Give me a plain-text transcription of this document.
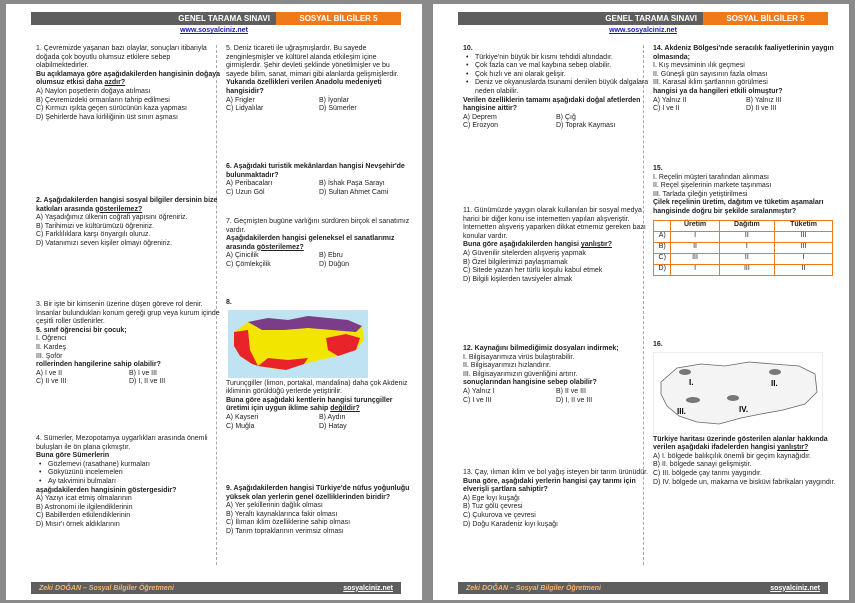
GENEL TARAMA SINAVI	SOSYAL BİLGİLER 5
www.sosyalciniz.net
1. Çevremizde yaşanan bazı olaylar, sonuçları itibariyla doğada çok boyutlu olumsuz etkilere sebep olabilmektedirler.
Bu açıklamaya göre aşağıdakilerden hangisinin doğaya olumsuz etkisi daha azdır?
A) Naylon poşetlerin doğaya atılması
B) Çevremizdeki ormanların tahrip edilmesi
C) Kırmızı ışıkta geçen sürücünün kaza yapması
D) Şehirlerde hava kirliliğinin üst sınırı aşması
2. Aşağıdakilerden hangisi sosyal bilgiler dersinin bize katkıları arasında gösterilemez?
A) Yaşadığımız ülkenin coğrafi yapısını öğreniriz.
B) Tarihimizi ve kültürümüzü öğreniriz.
C) Farklılıklara karşı önyargılı oluruz.
D) Vatanımızı seven kişiler olmayı öğreniriz.
3. Bir işte bir kimsenin üzerine düşen göreve rol denir. İnsanlar bulundukları konum gereği grup veya kurum içinde çeşitli roller üstlenirler.
5. sınıf öğrencisi bir çocuk;
I. Öğrenci
II. Kardeş
III. Şoför
rollerinden hangilerine sahip olabilir?
A) I ve II	B) I ve III
C) II ve III	D) I, II ve III
4. Sümerler, Mezopotamya uygarlıkları arasında önemli buluşları ile ön plana çıkmıştır.
Buna göre Sümerlerin
• Gözlemevi (rasathane) kurmaları
• Gökyüzünü incelemeleri
• Ay takvimini bulmaları
aşağıdakilerden hangisinin göstergesidir?
A) Yazıyı icat etmiş olmalarının
B) Astronomi ile ilgilendiklerinin
C) Babillerden etkilendiklerinin
D) Mısır'ı örnek aldıklarının
5. Deniz ticareti ile uğraşmışlardır. Bu sayede zenginleşmişler ve kültürel alanda etkileşim içine girmişlerdir. Şehir devleti şeklinde yönetilmişler ve bu sayede bilim, sanat, mimari gibi alanlarda gelişmişlerdir.
Yukarıda özellikleri verilen Anadolu medeniyeti hangisidir?
A) Frigler	B) İyonlar
C) Lidyalılar	D) Sümerler
6. Aşağıdaki turistik mekânlardan hangisi Nevşehir'de bulunmaktadır?
A) Peribacaları	B) İshak Paşa Sarayı
C) Uzun Göl	D) Sultan Ahmet Cami
7. Geçmişten bugüne varlığını sürdüren birçok el sanatımız vardır.
Aşağıdakilerden hangisi geleneksel el sanatlarımız arasında gösterilemez?
A) Çinicilik	B) Ebru
C) Çömlekçilik	D) Düğün
8.
Turunçgiller (limon, portakal, mandalina) daha çok Akdeniz ikliminin görüldüğü yerlerde yetiştirilir.
Buna göre aşağıdaki kentlerin hangisi turunçgiller üretimi için uygun iklime sahip değildir?
A) Kayseri	B) Aydın
C) Muğla	D) Hatay
9. Aşağıdakilerden hangisi Türkiye'de nüfus yoğunluğu yüksek olan yerlerin genel özelliklerinden biridir?
A) Yer şekillerinin dağlık olması
B) Yeraltı kaynaklarınca fakir olması
C) İlıman iklim özelliklerine sahip olması
D) Tarım topraklarının verimsiz olması
Zeki DOĞAN – Sosyal Bilgiler Öğretmeni	sosyalciniz.net
GENEL TARAMA SINAVI	SOSYAL BİLGİLER 5
www.sosyalciniz.net
10.
• Türkiye'nin büyük bir kısmı tehdidi altındadır.
• Çok fazla can ve mal kaybına sebep olabilir.
• Çok hızlı ve ani olarak gelişir.
• Deniz ve okyanuslarda tsunami denilen büyük dalgalara neden olabilir.
Verilen özelliklerin tamamı aşağıdaki doğal afetlerden hangisine aittir?
A) Deprem	B) Çığ
C) Erozyon	D) Toprak Kayması
11. Günümüzde yaygın olarak kullanılan bir sosyal medya harici bir diğer konu ise internetten yapılan alışveriştir. İnternetten alışveriş yaparken dikkat etmemiz gereken bazı konular vardır.
Buna göre aşağıdakilerden hangisi yanlıştır?
A) Güvenilir sitelerden alışveriş yapmak
B) Özel bilgilerimizi paylaşmamak
C) Sitede yazan her türlü koşulu kabul etmek
D) Bilgili kişilerden tavsiyeler almak
12. Kaynağını bilmediğimiz dosyaları indirmek;
I. Bilgisayarımıza virüs bulaştırabilir.
II. Bilgisayarımızı hızlandırır.
III. Bilgisayarımızın güvenliğini artırır.
sonuçlarından hangisine sebep olabilir?
A) Yalnız I	B) II ve III
C) I ve III	D) I, II ve III
13. Çay, ılıman iklim ve bol yağış isteyen bir tarım ürünüdür.
Buna göre, aşağıdaki yerlerin hangisi çay tarımı için elverişli şartlara sahiptir?
A) Ege kıyı kuşağı
B) Tuz gölü çevresi
C) Çukurova ve çevresi
D) Doğu Karadeniz kıyı kuşağı
14. Akdeniz Bölgesi'nde seracılık faaliyetlerinin yaygın olmasında;
I. Kış mevsiminin ılık geçmesi
II. Güneşli gün sayısının fazla olması
III. Karasal iklim şartlarının görülmesi
hangisi ya da hangileri etkili olmuştur?
A) Yalnız II	B) Yalnız III
C) I ve II	D) II ve III
15.
I. Reçelin müşteri tarafından alınması
II. Reçel şişelerinin markete taşınması
III. Tarlada çileğin yetiştirilmesi
Çilek reçelinin üretim, dağıtım ve tüketim aşamaları hangisinde doğru bir şekilde sıralanmıştır?
	Üretim	Dağıtım	Tüketim
A)	I	II	III
B)	II	I	III
C)	III	II	I
D)	I	III	II
16.
I.	II.
III.	IV.
Türkiye haritası üzerinde gösterilen alanlar hakkında verilen aşağıdaki ifadelerden hangisi yanlıştır?
A) I. bölgede balıkçılık önemli bir geçim kaynağıdır.
B) II. bölgede sanayi gelişmiştir.
C) III. bölgede çay tarımı yaygındır.
D) IV. bölgede un, makarna ve bisküvi fabrikaları yaygındır.
Zeki DOĞAN – Sosyal Bilgiler Öğretmeni	sosyalciniz.net
